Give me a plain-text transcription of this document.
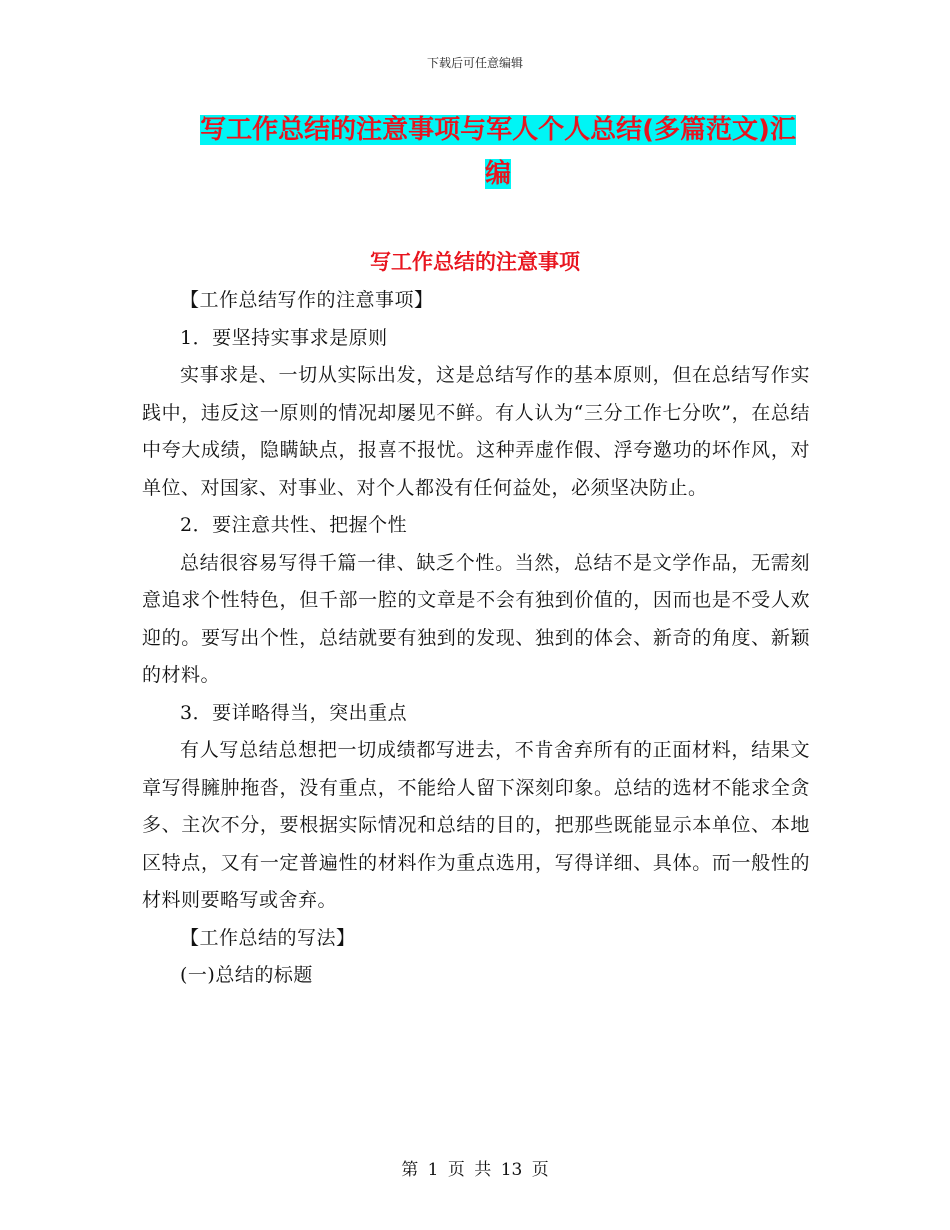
下载后可任意编辑
写工作总结的注意事项与军人个人总结(多篇范文)汇编
写工作总结的注意事项

【工作总结写作的注意事项】

1．要坚持实事求是原则

实事求是、一切从实际出发，这是总结写作的基本原则，但在总结写作实践中，违反这一原则的情况却屡见不鲜。有人认为“三分工作七分吹”，在总结中夸大成绩，隐瞒缺点，报喜不报忧。这种弄虚作假、浮夸邀功的坏作风，对单位、对国家、对事业、对个人都没有任何益处，必须坚决防止。

2．要注意共性、把握个性

总结很容易写得千篇一律、缺乏个性。当然，总结不是文学作品，无需刻意追求个性特色，但千部一腔的文章是不会有独到价值的，因而也是不受人欢迎的。要写出个性，总结就要有独到的发现、独到的体会、新奇的角度、新颖的材料。

3．要详略得当，突出重点

有人写总结总想把一切成绩都写进去，不肯舍弃所有的正面材料，结果文章写得臃肿拖沓，没有重点，不能给人留下深刻印象。总结的选材不能求全贪多、主次不分，要根据实际情况和总结的目的，把那些既能显示本单位、本地区特点，又有一定普遍性的材料作为重点选用，写得详细、具体。而一般性的材料则要略写或舍弃。

【工作总结的写法】

(一)总结的标题

第 1 页 共 13 页
